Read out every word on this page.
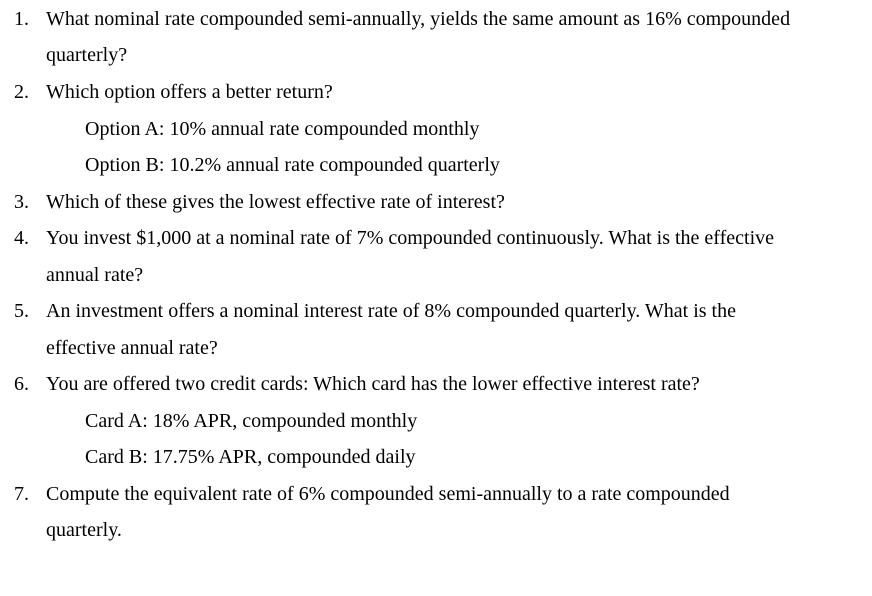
1. What nominal rate compounded semi-annually, yields the same amount as 16% compounded
quarterly?
2. Which option offers a better return?
Option A: 10% annual rate compounded monthly
Option B: 10.2% annual rate compounded quarterly
3. Which of these gives the lowest effective rate of interest?
4. You invest $1,000 at a nominal rate of 7% compounded continuously. What is the effective
annual rate?
5. An investment offers a nominal interest rate of 8% compounded quarterly. What is the
effective annual rate?
6. You are offered two credit cards: Which card has the lower effective interest rate?
Card A: 18% APR, compounded monthly
Card B: 17.75% APR, compounded daily
7. Compute the equivalent rate of 6% compounded semi-annually to a rate compounded
quarterly.
